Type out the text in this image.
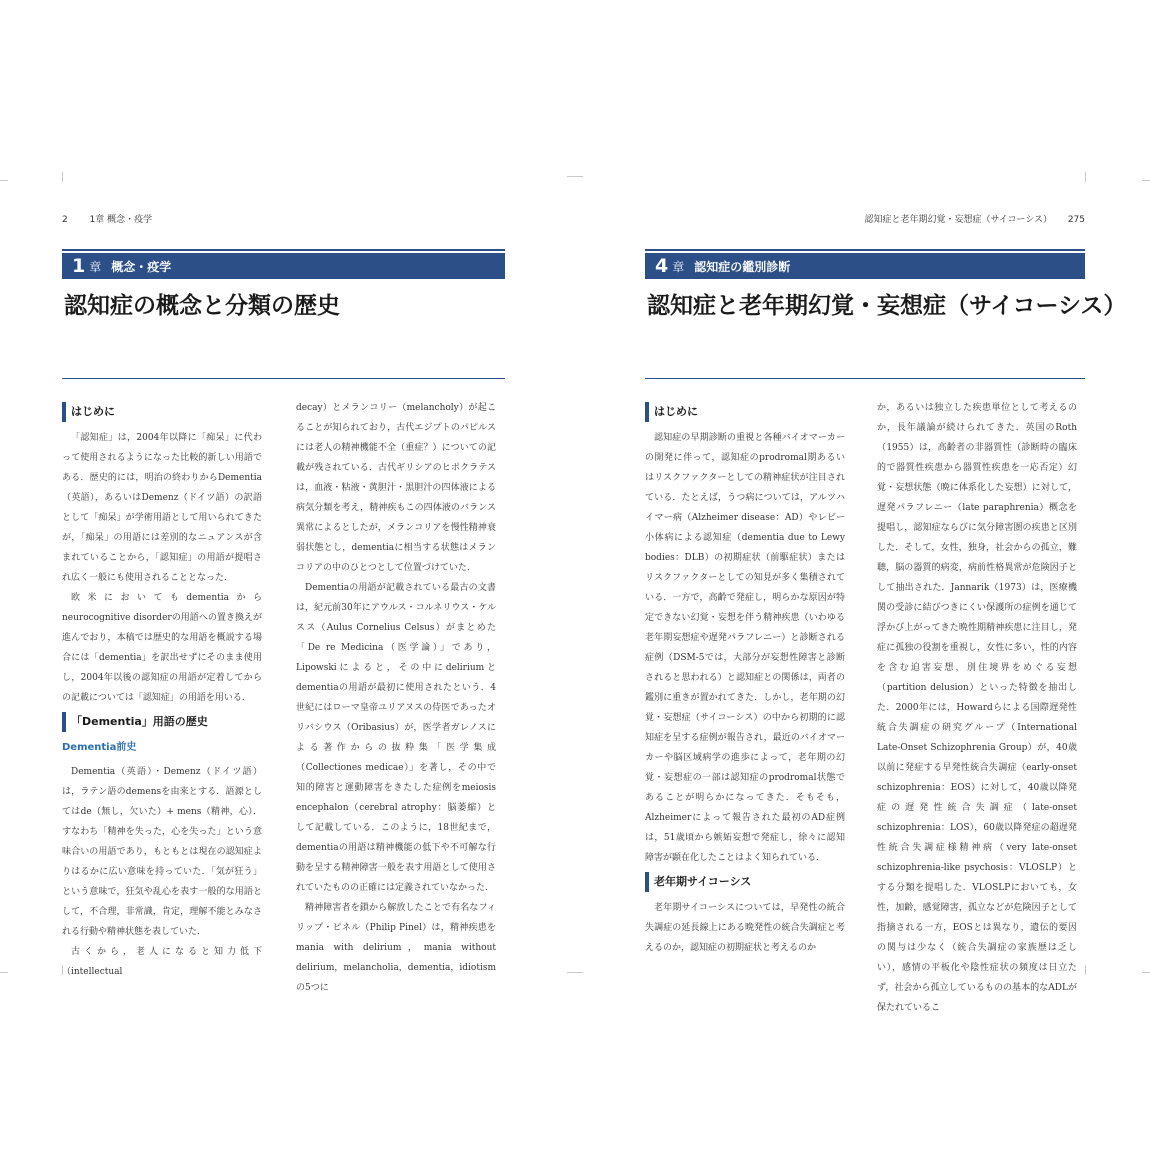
2 1章 概念・疫学
1 章 概念・疫学
認知症の概念と分類の歴史
はじめに

「認知症」は，2004年以降に「痴呆」に代わって使用されるようになった比較的新しい用語である．歴史的には，明治の終わりからDementia（英語），あるいはDemenz（ドイツ語）の訳語として「痴呆」が学術用語として用いられてきたが，「痴呆」の用語には差別的なニュアンスが含まれていることから，「認知症」の用語が提唱され広く一般にも使用されることとなった．

欧米においてもdementiaからneurocognitive disorderの用語への置き換えが進んでおり，本稿では歴史的な用語を概説する場合には「dementia」を訳出せずにそのまま使用し，2004年以後の認知症の用語が定着してからの記載については「認知症」の用語を用いる．

「Dementia」用語の歴史
Dementia前史

Dementia（英語）・Demenz（ドイツ語）は，ラテン語のdemensを由来とする．語源としてはde（無し，欠いた）+ mens（精神，心）．すなわち「精神を失った，心を失った」という意味合いの用語であり，もともとは現在の認知症よりはるかに広い意味を持っていた．「気が狂う」という意味で，狂気や乱心を表す一般的な用語として，不合理，非常識，肯定，理解不能とみなされる行動や精神状態を表していた．

古くから，老人になると知力低下（intellectual

decay）とメランコリー（melancholy）が起こることが知られており，古代エジプトのパピルスには老人の精神機能不全（重症？）についての記載が残されている．古代ギリシアのヒポクラテスは，血液・粘液・黄胆汁・黒胆汁の四体液による病気分類を考え，精神疾もこの四体液のバランス異常によるとしたが，メランコリアを慢性精神衰弱状態とし，dementiaに相当する状態はメランコリアの中のひとつとして位置づけていた．

Dementiaの用語が記載されている最古の文書は，紀元前30年にアウルス・コルネリウス・ケルスス（Aulus Cornelius Celsus）がまとめた「De re Medicina（医学論）」であり，Lipowskiによると，その中にdeliriumとdementiaの用語が最初に使用されたという．4世紀にはローマ皇帝ユリアヌスの侍医であったオリバシウス（Oribasius）が，医学者ガレノスによる著作からの抜粋集「医学集成（Collectiones medicae）」を著し，その中で知的障害と運動障害をきたした症例をmeiosis encephalon（cerebral atrophy：脳萎縮）として記載している．このように，18世紀まで，dementiaの用語は精神機能の低下や不可解な行動を呈する精神障害一般を表す用語として使用されていたものの正確には定義されていなかった．

精神障害者を鎖から解放したことで有名なフィリップ・ピネル（Philip Pinel）は，精神疾患をmania with delirium，mania without delirium，melancholia，dementia，idiotismの5つに

認知症と老年期幻覚・妄想症（サイコーシス） 275
4 章 認知症の鑑別診断
認知症と老年期幻覚・妄想症（サイコーシス）
はじめに

認知症の早期診断の重視と各種バイオマーカーの開発に伴って，認知症のprodromal期あるいはリスクファクターとしての精神症状が注目されている．たとえば，うつ病については，アルツハイマー病（Alzheimer disease：AD）やレビー小体病による認知症（dementia due to Lewy bodies：DLB）の初期症状（前駆症状）またはリスクファクターとしての知見が多く集積されている．一方で，高齢で発症し，明らかな原因が特定できない幻覚・妄想を伴う精神疾患（いわゆる老年期妄想症や遅発パラフレニー）と診断される症例（DSM-5では，大部分が妄想性障害と診断されると思われる）と認知症との関係は，両者の鑑別に重きが置かれてきた．しかし，老年期の幻覚・妄想症（サイコーシス）の中から初期的に認知症を呈する症例が報告され，最近のバイオマーカーや脳区域病学の進歩によって，老年期の幻覚・妄想症の一部は認知症のprodromal状態であることが明らかになってきた．そもそも，Alzheimerによって報告された最初のAD症例は，51歳頃から嫉妬妄想で発症し，徐々に認知障害が顕在化したことはよく知られている．

老年期サイコーシス

老年期サイコーシスについては，早発性の統合失調症の延長線上にある晩発性の統合失調症と考えるのか，認知症の初期症状と考えるのか

か，あるいは独立した疾患単位として考えるのか，長年議論が続けられてきた．英国のRoth（1955）は，高齢者の非器質性（診断時の臨床的で器質性疾患から器質性疾患を一応否定）幻覚・妄想状態（晩に体系化した妄想）に対して，遅発パラフレニー（late paraphrenia）概念を提唱し，認知症ならびに気分障害圏の疾患と区別した．そして，女性，独身，社会からの孤立，難聴，脳の器質的病変，病前性格異常が危険因子として抽出された．Jannarik（1973）は，医療機関の受診に結びつきにくい保護所の症例を通じて浮かび上がってきた晩性期精神疾患に注目し，発症に孤独の役割を重視し，女性に多い，性的内容を含む迫害妄想，別住境界をめぐる妄想（partition delusion）といった特徴を抽出した．2000年には，Howardらによる国際遅発性統合失調症の研究グループ（International Late-Onset Schizophrenia Group）が，40歳以前に発症する早発性統合失調症（early-onset schizophrenia：EOS）に対して，40歳以降発症の遅発性統合失調症（late-onset schizophrenia：LOS），60歳以降発症の超遅発性統合失調症様精神病（very late-onset schizophrenia-like psychosis：VLOSLP）とする分類を提唱した．VLOSLPにおいても，女性，加齢，感覚障害，孤立などが危険因子として指摘される一方，EOSとは異なり，遺伝的要因の関与は少なく（統合失調症の家族歴は乏しい），感情の平板化や陰性症状の頻度は日立たず，社会から孤立しているものの基本的なADLが保たれているこ
